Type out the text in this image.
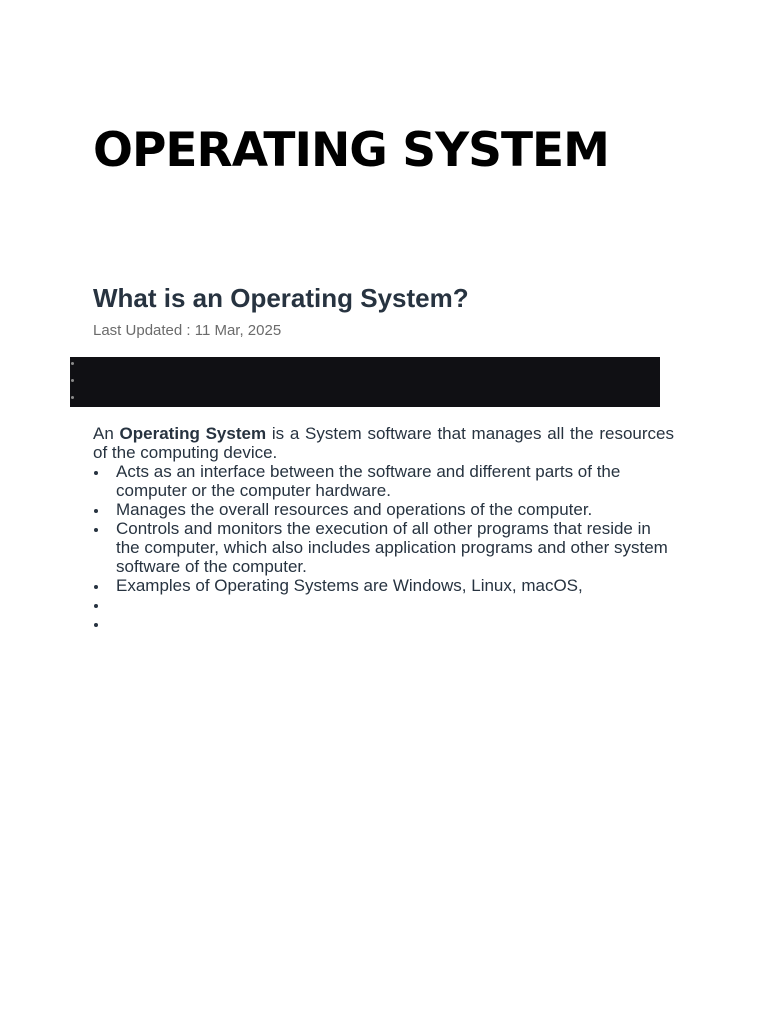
OPERATING SYSTEM
What is an Operating System?
Last Updated : 11 Mar, 2025

An Operating System is a System software that manages all the resources of the computing device.

Acts as an interface between the software and different parts of the computer or the computer hardware.
Manages the overall resources and operations of the computer.
Controls and monitors the execution of all other programs that reside in the computer, which also includes application programs and other system software of the computer.
Examples of Operating Systems are Windows, Linux, macOS,
